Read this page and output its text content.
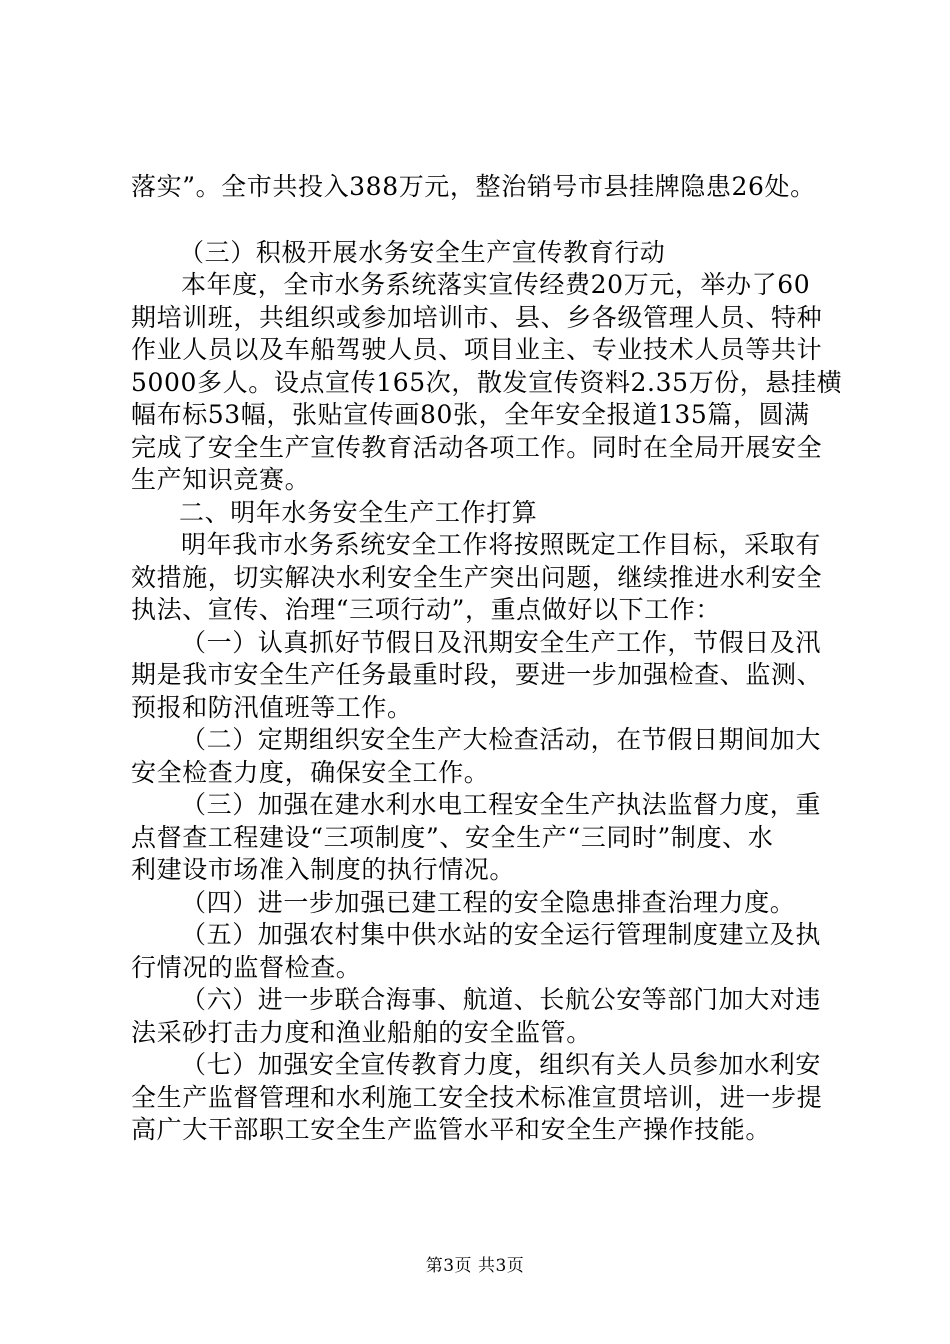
落实”。全市共投入388万元，整治销号市县挂牌隐患26处。
（三）积极开展水务安全生产宣传教育行动
本年度，全市水务系统落实宣传经费20万元，举办了60
期培训班，共组织或参加培训市、县、乡各级管理人员、特种
作业人员以及车船驾驶人员、项目业主、专业技术人员等共计
5000多人。设点宣传165次，散发宣传资料2.35万份，悬挂横
幅布标53幅，张贴宣传画80张，全年安全报道135篇，圆满
完成了安全生产宣传教育活动各项工作。同时在全局开展安全
生产知识竞赛。
二、明年水务安全生产工作打算
明年我市水务系统安全工作将按照既定工作目标，采取有
效措施，切实解决水利安全生产突出问题，继续推进水利安全
执法、宣传、治理“三项行动”，重点做好以下工作：
（一）认真抓好节假日及汛期安全生产工作，节假日及汛
期是我市安全生产任务最重时段，要进一步加强检查、监测、
预报和防汛值班等工作。
（二）定期组织安全生产大检查活动，在节假日期间加大
安全检查力度，确保安全工作。
（三）加强在建水利水电工程安全生产执法监督力度，重
点督查工程建设“三项制度”、安全生产“三同时”制度、水
利建设市场准入制度的执行情况。
（四）进一步加强已建工程的安全隐患排查治理力度。
（五）加强农村集中供水站的安全运行管理制度建立及执
行情况的监督检查。
（六）进一步联合海事、航道、长航公安等部门加大对违
法采砂打击力度和渔业船舶的安全监管。
（七）加强安全宣传教育力度，组织有关人员参加水利安
全生产监督管理和水利施工安全技术标准宣贯培训，进一步提
高广大干部职工安全生产监管水平和安全生产操作技能。
第3页 共3页
